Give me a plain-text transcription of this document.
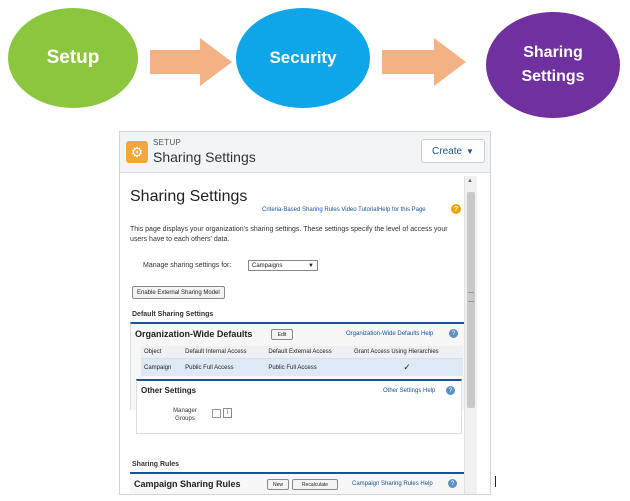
Setup	Security	Sharing
Settings
⚙
SETUP
Sharing Settings	Create ▼
Sharing Settings
Criteria-Based Sharing Rules Video TutorialHelp for this Page	?
This page displays your organization's sharing settings. These settings specify the level of access your users have to each others' data.
Manage sharing settings for:	Campaigns	▼
Enable External Sharing Model
Default Sharing Settings
Organization-Wide Defaults	Edit	Organization-Wide Defaults Help	?
Object	Default Internal Access	Default External Access	Grant Access Using Hierarchies
Campaign	Public Full Access	Public Full Access	✓
Other Settings	Other Settings Help	?
Manager Groups
i
Sharing Rules
Campaign Sharing Rules	New	Recalculate	Campaign Sharing Rules Help	?
▲
